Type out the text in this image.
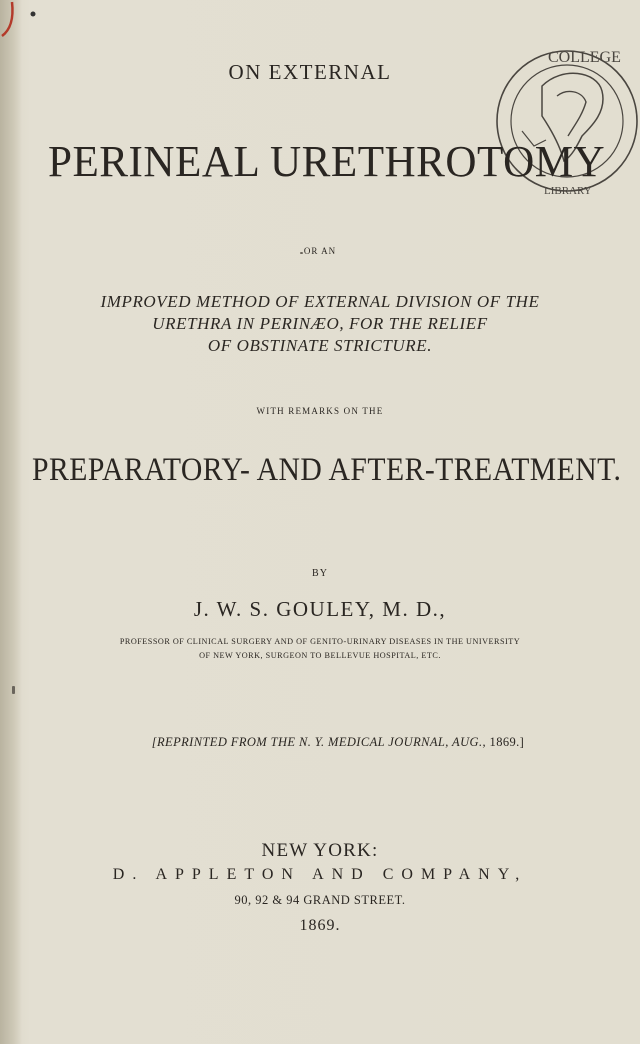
COLLEGE
LIBRARY
ON EXTERNAL
PERINEAL URETHROTOMY
OR AN
IMPROVED METHOD OF EXTERNAL DIVISION OF THE
URETHRA IN PERINÆO, FOR THE RELIEF
OF OBSTINATE STRICTURE.
WITH REMARKS ON THE
PREPARATORY- AND AFTER-TREATMENT.
BY
J. W. S. GOULEY, M. D.,
PROFESSOR OF CLINICAL SURGERY AND OF GENITO-URINARY DISEASES IN THE UNIVERSITY
OF NEW YORK, SURGEON TO BELLEVUE HOSPITAL, ETC.
[REPRINTED FROM THE N. Y. MEDICAL JOURNAL, AUG., 1869.]
NEW YORK:
D. APPLETON AND COMPANY,
90, 92 & 94 GRAND STREET.
1869.
